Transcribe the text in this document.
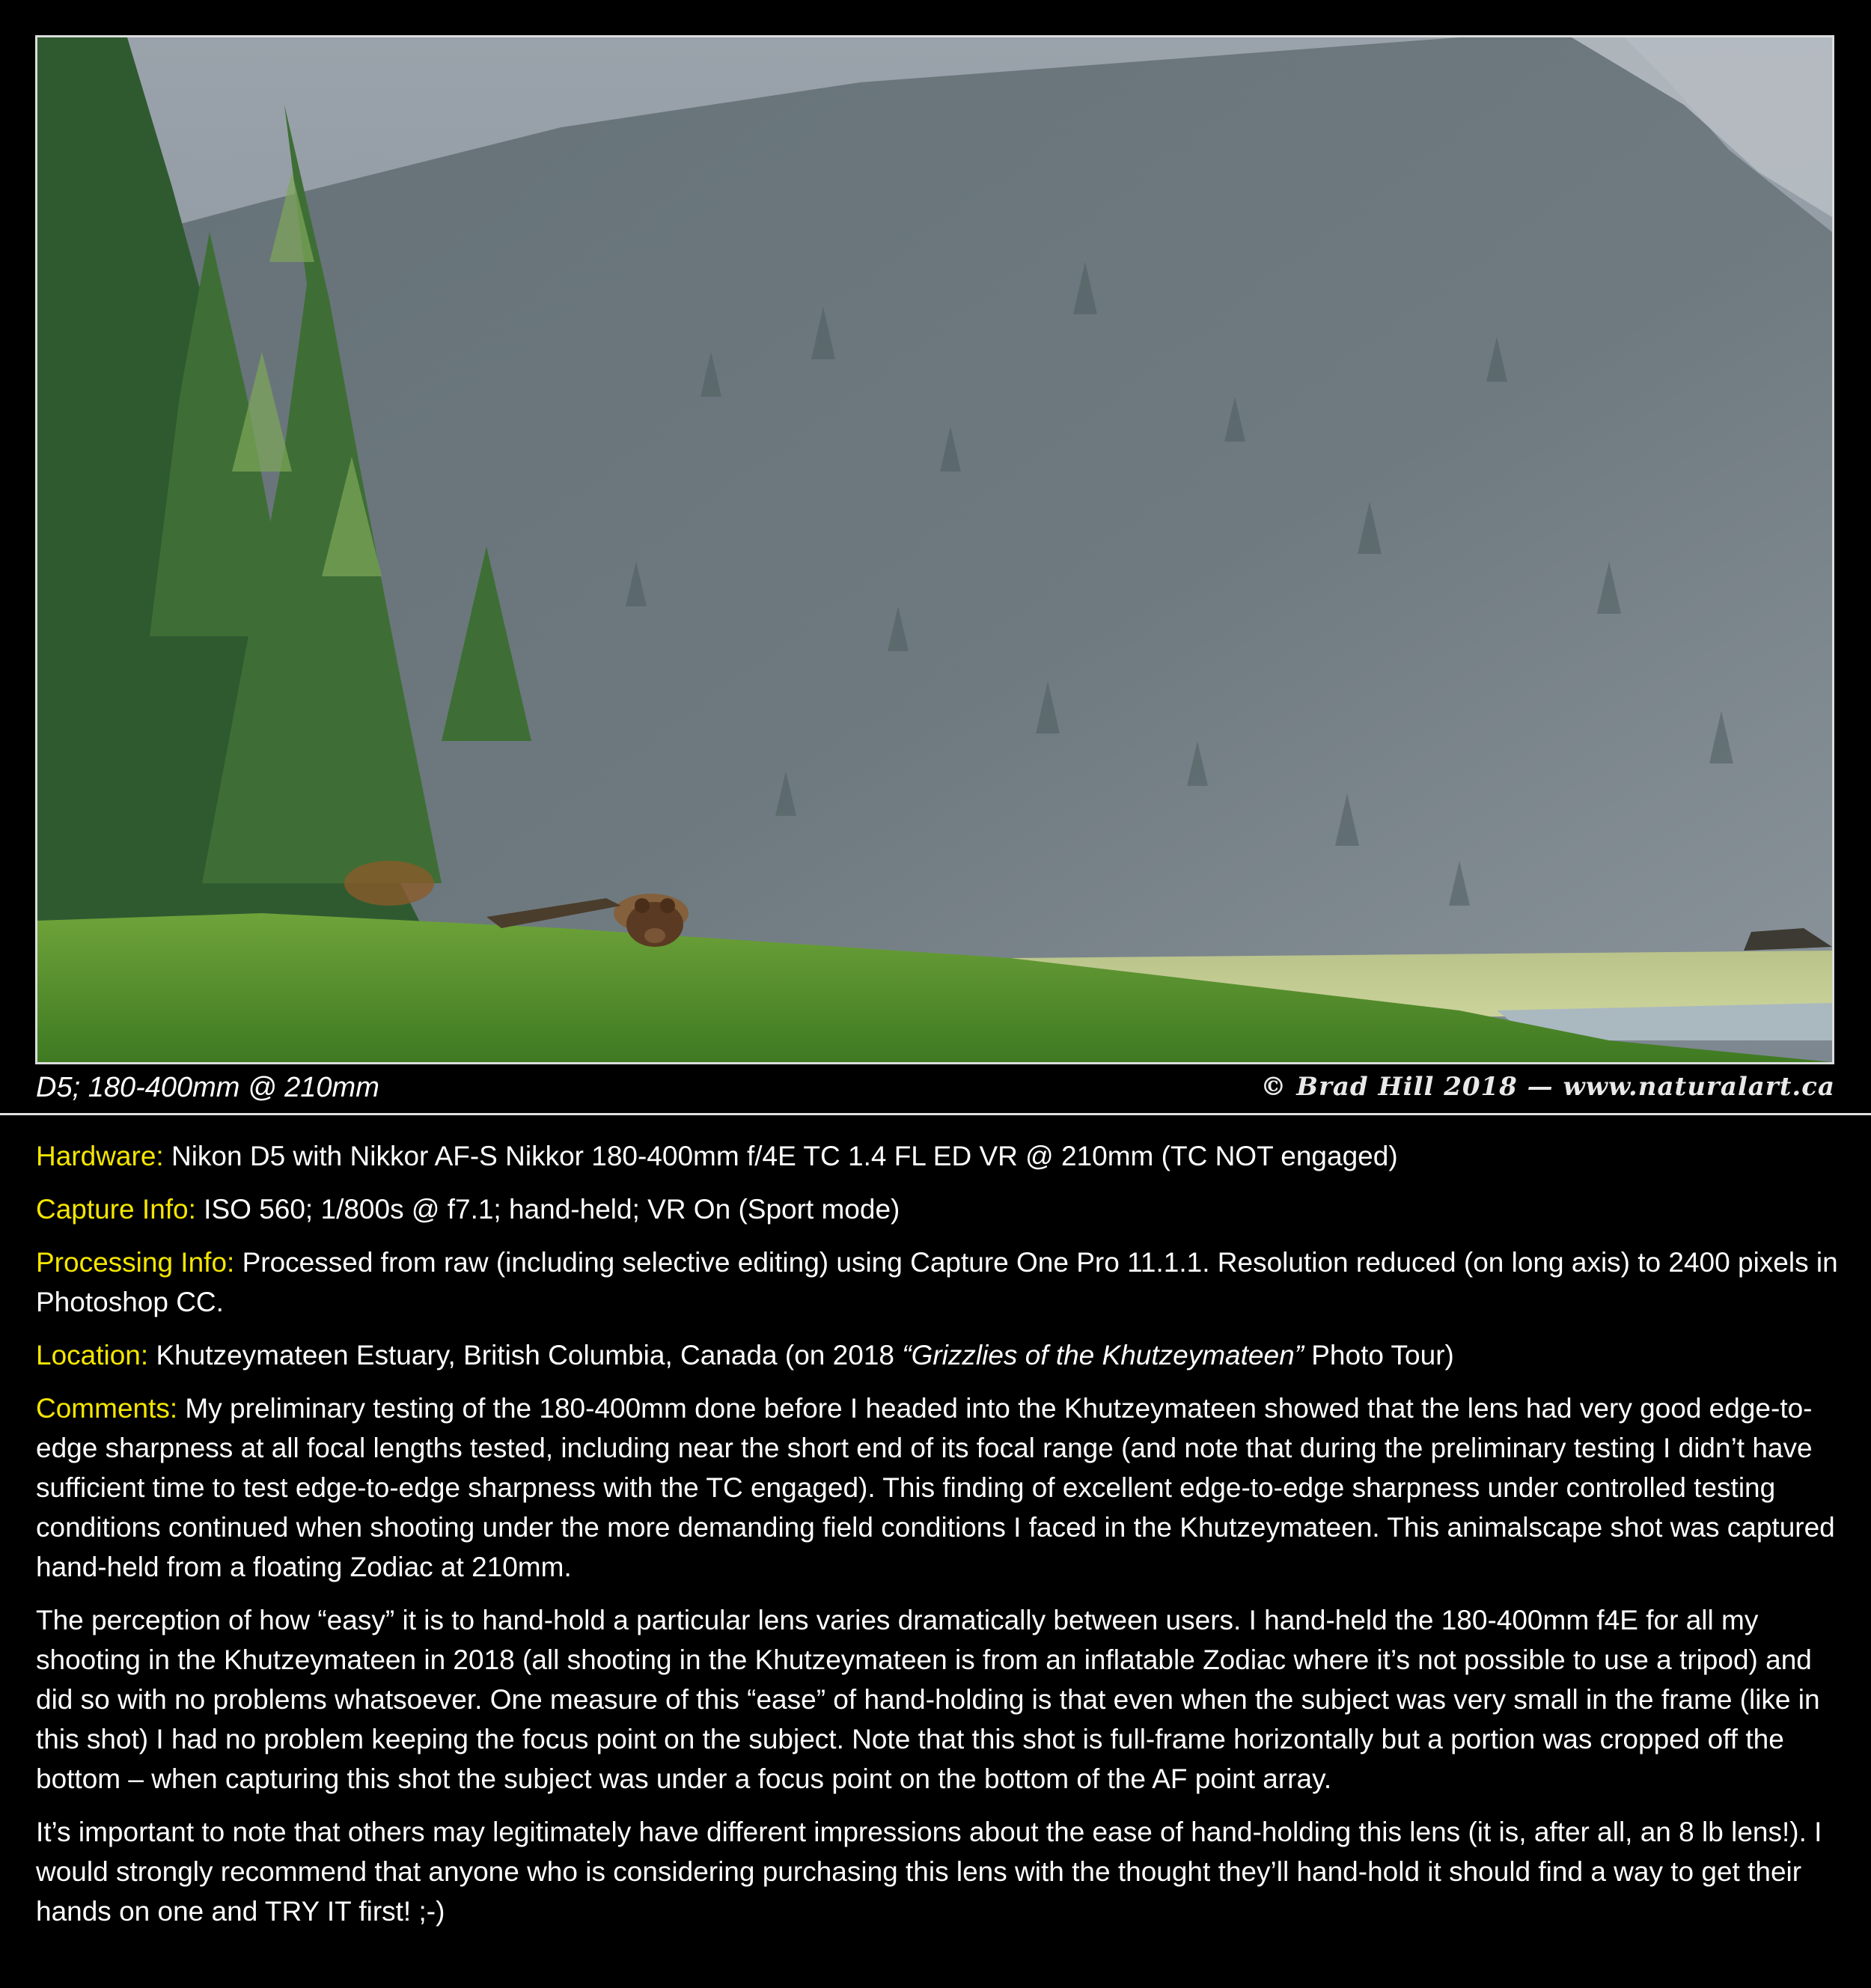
D5; 180-400mm @ 210mm	© Brad Hill 2018 — www.naturalart.ca

Hardware: Nikon D5 with Nikkor AF-S Nikkor 180-400mm f/4E TC 1.4 FL ED VR @ 210mm (TC NOT engaged)

Capture Info: ISO 560; 1/800s @ f7.1; hand-held; VR On (Sport mode)

Processing Info: Processed from raw (including selective editing) using Capture One Pro 11.1.1. Resolution reduced (on long axis) to 2400 pixels in Photoshop CC.

Location: Khutzeymateen Estuary, British Columbia, Canada (on 2018 “Grizzlies of the Khutzeymateen” Photo Tour)

Comments: My preliminary testing of the 180-400mm done before I headed into the Khutzeymateen showed that the lens had very good edge-to-edge sharpness at all focal lengths tested, including near the short end of its focal range (and note that during the preliminary testing I didn’t have sufficient time to test edge-to-edge sharpness with the TC engaged). This finding of excellent edge-to-edge sharpness under controlled testing conditions continued when shooting under the more demanding field conditions I faced in the Khutzeymateen. This animalscape shot was captured hand-held from a floating Zodiac at 210mm.

The perception of how “easy” it is to hand-hold a particular lens varies dramatically between users. I hand-held the 180-400mm f4E for all my shooting in the Khutzeymateen in 2018 (all shooting in the Khutzeymateen is from an inflatable Zodiac where it’s not possible to use a tripod) and did so with no problems whatsoever. One measure of this “ease” of hand-holding is that even when the subject was very small in the frame (like in this shot) I had no problem keeping the focus point on the subject. Note that this shot is full-frame horizontally but a portion was cropped off the bottom – when capturing this shot the subject was under a focus point on the bottom of the AF point array.

It’s important to note that others may legitimately have different impressions about the ease of hand-holding this lens (it is, after all, an 8 lb lens!). I would strongly recommend that anyone who is considering purchasing this lens with the thought they’ll hand-hold it should find a way to get their hands on one and TRY IT first! ;-)
